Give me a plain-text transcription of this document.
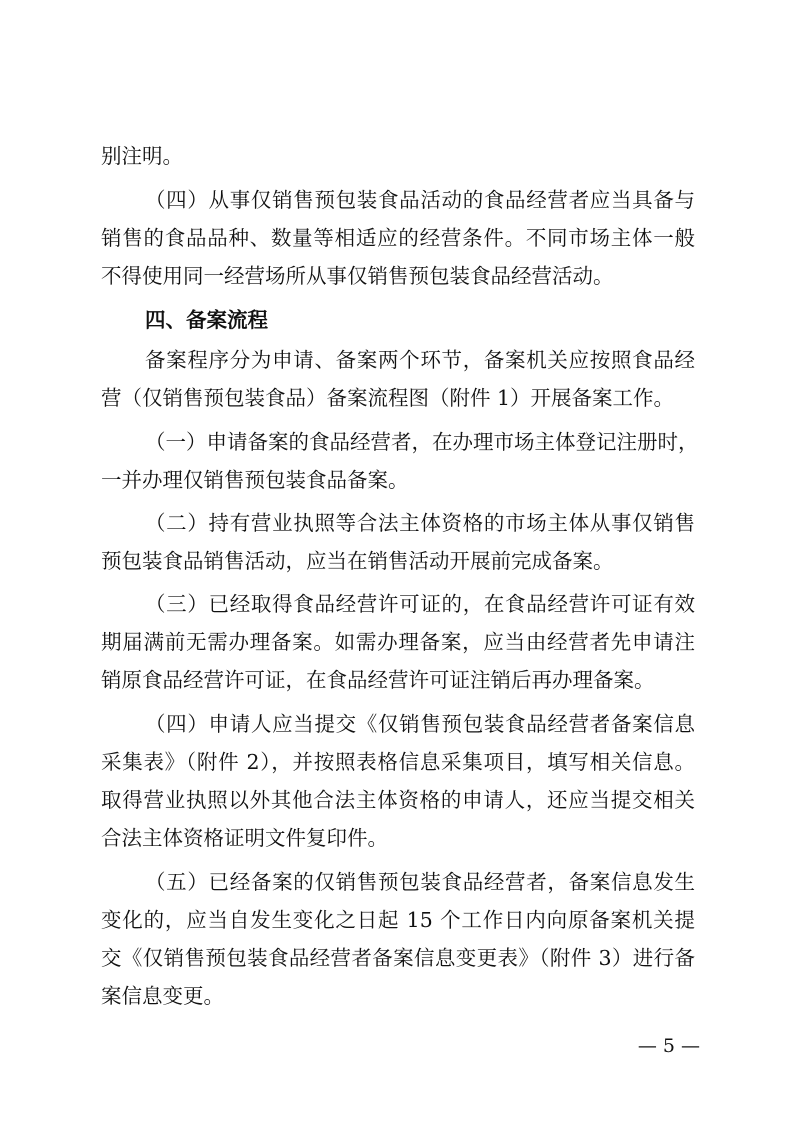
别注明。
（四）从事仅销售预包装食品活动的食品经营者应当具备与
销售的食品品种、数量等相适应的经营条件。不同市场主体一般
不得使用同一经营场所从事仅销售预包装食品经营活动。
四、备案流程
备案程序分为申请、备案两个环节，备案机关应按照食品经
营（仅销售预包装食品）备案流程图（附件 1）开展备案工作。
（一）申请备案的食品经营者，在办理市场主体登记注册时，
一并办理仅销售预包装食品备案。
（二）持有营业执照等合法主体资格的市场主体从事仅销售
预包装食品销售活动，应当在销售活动开展前完成备案。
（三）已经取得食品经营许可证的，在食品经营许可证有效
期届满前无需办理备案。如需办理备案，应当由经营者先申请注
销原食品经营许可证，在食品经营许可证注销后再办理备案。
（四）申请人应当提交《仅销售预包装食品经营者备案信息
采集表》（附件 2），并按照表格信息采集项目，填写相关信息。
取得营业执照以外其他合法主体资格的申请人，还应当提交相关
合法主体资格证明文件复印件。
（五）已经备案的仅销售预包装食品经营者，备案信息发生
变化的，应当自发生变化之日起 15 个工作日内向原备案机关提
交《仅销售预包装食品经营者备案信息变更表》（附件 3）进行备
案信息变更。
— 5 —
